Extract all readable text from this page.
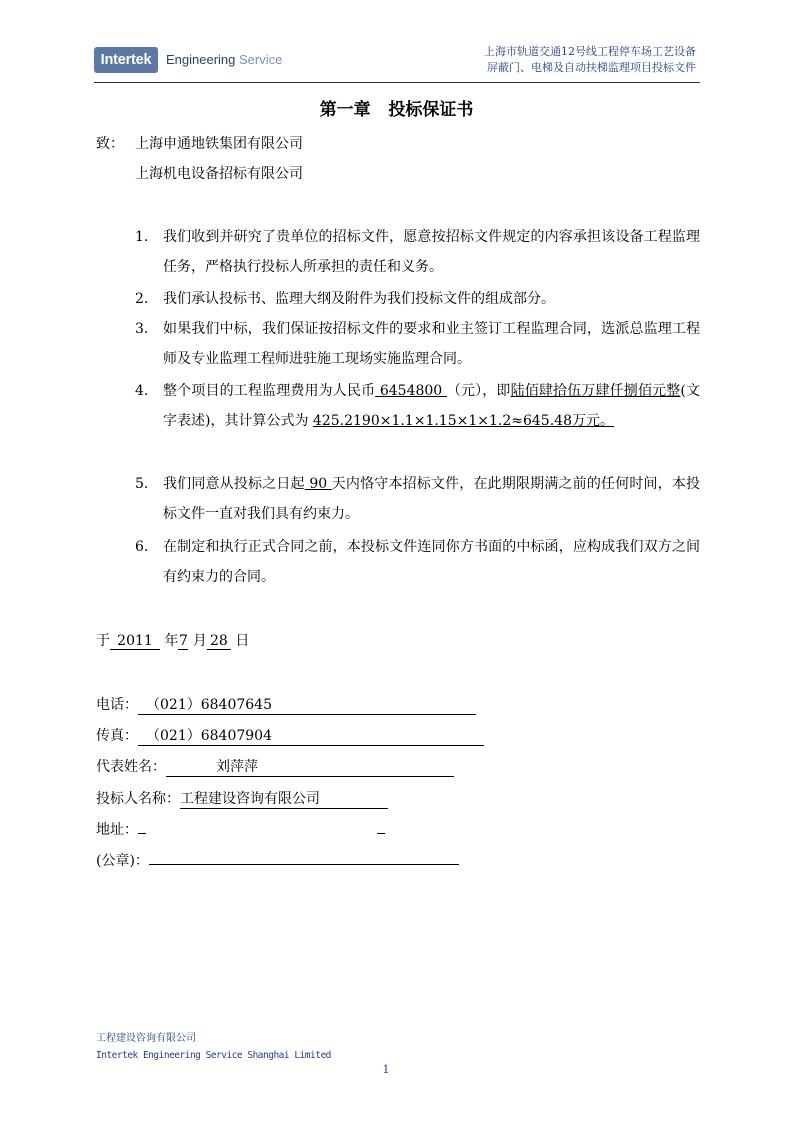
Intertek	Engineering Service
上海市轨道交通12号线工程停车场工艺设备
屏蔽门、电梯及自动扶梯监理项目投标文件
第一章   投标保证书
致： 上海申通地铁集团有限公司
上海机电设备招标有限公司
1.	我们收到并研究了贵单位的招标文件，愿意按招标文件规定的内容承担该设备工程监理任务，严格执行投标人所承担的责任和义务。
2.	我们承认投标书、监理大纲及附件为我们投标文件的组成部分。
3.	如果我们中标，我们保证按招标文件的要求和业主签订工程监理合同，选派总监理工程师及专业监理工程师进驻施工现场实施监理合同。
4.	整个项目的工程监理费用为人民币 6454800 （元），即陆佰肆拾伍万肆仟捌佰元整(文字表述)，其计算公式为 425.2190×1.1×1.15×1×1.2≈645.48万元。
5.	我们同意从投标之日起 90 天内恪守本招标文件，在此期限期满之前的任何时间，本投标文件一直对我们具有约束力。
6.	在制定和执行正式合同之前，本投标文件连同你方书面的中标函，应构成我们双方之间有约束力的合同。
于 2011 年7 月 28 日
电话： （021）68407645
传真： （021）68407904
代表姓名：	刘萍萍
投标人名称：工程建设咨询有限公司
地址：
(公章)：
工程建设咨询有限公司
Intertek Engineering Service Shanghai Limited
1
